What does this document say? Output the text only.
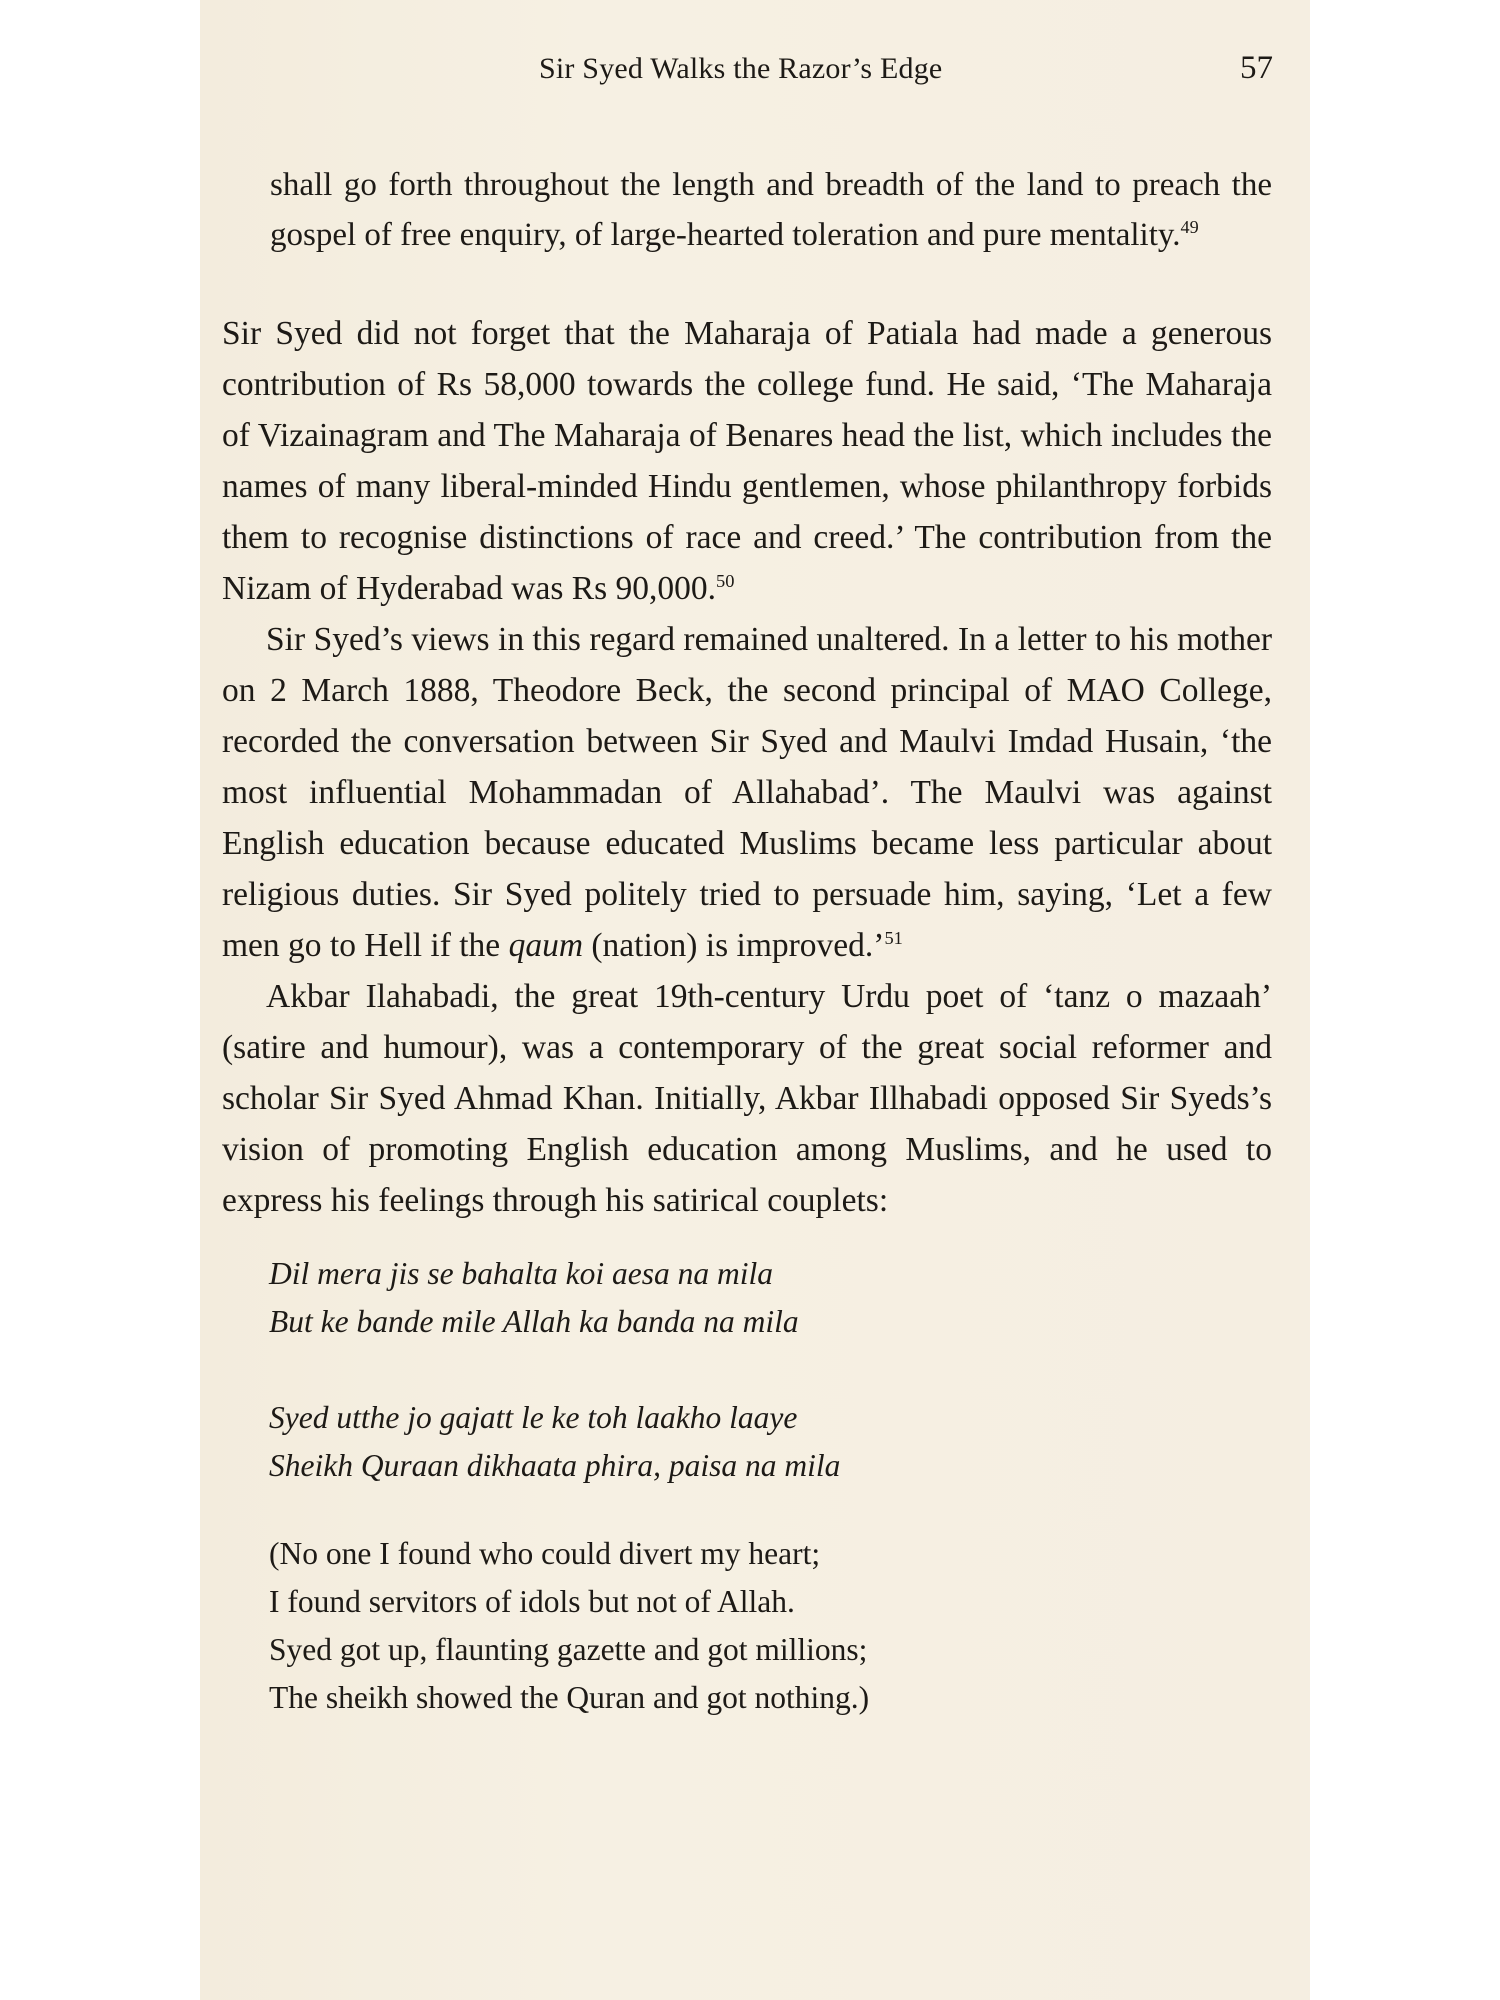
Sir Syed Walks the Razor’s Edge	57

shall go forth throughout the length and breadth of the land to preach the gospel of free enquiry, of large-hearted toleration and pure mentality.$^{49}$

Sir Syed did not forget that the Maharaja of Patiala had made a generous contribution of Rs 58,000 towards the college fund. He said, ‘The Maharaja of Vizainagram and The Maharaja of Benares head the list, which includes the names of many liberal-minded Hindu gentlemen, whose philanthropy forbids them to recognise distinctions of race and creed.’ The contribution from the Nizam of Hyderabad was Rs 90,000.50

Sir Syed’s views in this regard remained unaltered. In a letter to his mother on 2 March 1888, Theodore Beck, the second principal of MAO College, recorded the conversation between Sir Syed and Maulvi Imdad Husain, ‘the most influential Mohammadan of Allahabad’. The Maulvi was against English education because educated Muslims became less particular about religious duties. Sir Syed politely tried to persuade him, saying, ‘Let a few men go to Hell if the qaum (nation) is improved.’$^{51}$

Akbar Ilahabadi, the great 19th-century Urdu poet of ‘tanz o mazaah’ (satire and humour), was a contemporary of the great social reformer and scholar Sir Syed Ahmad Khan. Initially, Akbar Illhabadi opposed Sir Syeds’s vision of promoting English education among Muslims, and he used to express his feelings through his satirical couplets:

Dil mera jis se bahalta koi aesa na mila
But ke bande mile Allah ka banda na mila
Syed utthe jo gajatt le ke toh laakho laaye
Sheikh Quraan dikhaata phira, paisa na mila
(No one I found who could divert my heart;
I found servitors of idols but not of Allah.
Syed got up, flaunting gazette and got millions;
The sheikh showed the Quran and got nothing.)
